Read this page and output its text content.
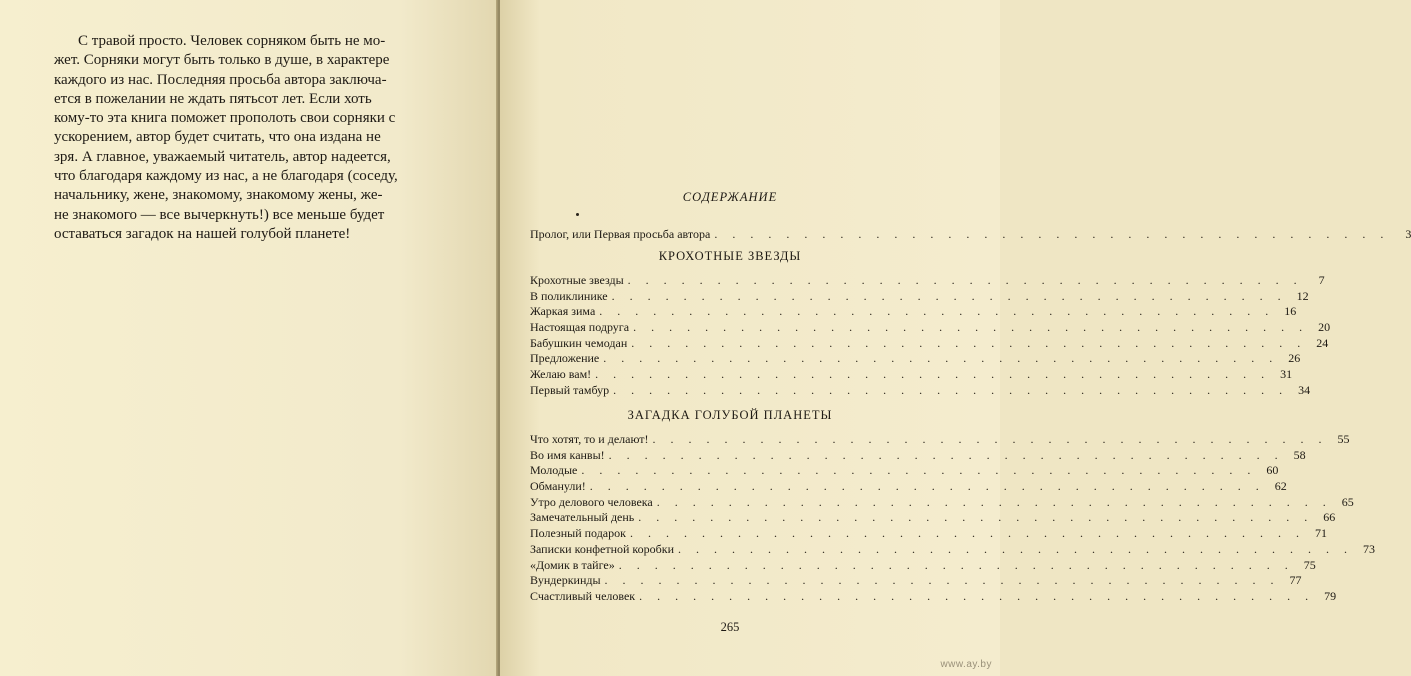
С травой просто. Человек сорняком быть не мо-
жет. Сорняки могут быть только в душе, в характере
каждого из нас. Последняя просьба автора заключа-
ется в пожелании не ждать пятьсот лет. Если хоть
кому-то эта книга поможет прополоть свои сорняки с
ускорением, автор будет считать, что она издана не
зря. А главное, уважаемый читатель, автор надеется,
что благодаря каждому из нас, а не благодаря (соседу,
начальнику, жене, знакомому, знакомому жены, же-
не знакомого — все вычеркнуть!) все меньше будет
оставаться загадок на нашей голубой планете!
СОДЕРЖАНИЕ
Пролог, или Первая просьба автора . . . . . . . . . . . . . . . . . . . . . . . . . . . . . . . . . . . . . .	3
КРОХОТНЫЕ ЗВЕЗДЫ
Крохотные звезды . . . . . . . . . . . . . . . . . . . . . . . . . . . . . . . . . . . . . .	7
В поликлинике . . . . . . . . . . . . . . . . . . . . . . . . . . . . . . . . . . . . . . 12
Жаркая зима . . . . . . . . . . . . . . . . . . . . . . . . . . . . . . . . . . . . . . 16
Настоящая подруга . . . . . . . . . . . . . . . . . . . . . . . . . . . . . . . . . . . . . . 20
Бабушкин чемодан . . . . . . . . . . . . . . . . . . . . . . . . . . . . . . . . . . . . . . 24
Предложение . . . . . . . . . . . . . . . . . . . . . . . . . . . . . . . . . . . . . . 26
Желаю вам! . . . . . . . . . . . . . . . . . . . . . . . . . . . . . . . . . . . . . . 31
Первый тамбур . . . . . . . . . . . . . . . . . . . . . . . . . . . . . . . . . . . . . . 34
ЗАГАДКА ГОЛУБОЙ ПЛАНЕТЫ
Что хотят, то и делают! . . . . . . . . . . . . . . . . . . . . . . . . . . . . . . . . . . . . . . 55
Во имя канвы! . . . . . . . . . . . . . . . . . . . . . . . . . . . . . . . . . . . . . . 58
Молодые . . . . . . . . . . . . . . . . . . . . . . . . . . . . . . . . . . . . . . 60
Обманули! . . . . . . . . . . . . . . . . . . . . . . . . . . . . . . . . . . . . . . 62
Утро делового человека . . . . . . . . . . . . . . . . . . . . . . . . . . . . . . . . . . . . . . 65
Замечательный день . . . . . . . . . . . . . . . . . . . . . . . . . . . . . . . . . . . . . . 66
Полезный подарок . . . . . . . . . . . . . . . . . . . . . . . . . . . . . . . . . . . . . . 71
Записки конфетной коробки . . . . . . . . . . . . . . . . . . . . . . . . . . . . . . . . . . . . . . 73
«Домик в тайге» . . . . . . . . . . . . . . . . . . . . . . . . . . . . . . . . . . . . . . 75
Вундеркинды . . . . . . . . . . . . . . . . . . . . . . . . . . . . . . . . . . . . . . 77
Счастливый человек . . . . . . . . . . . . . . . . . . . . . . . . . . . . . . . . . . . . . . 79
265
www.ay.by
